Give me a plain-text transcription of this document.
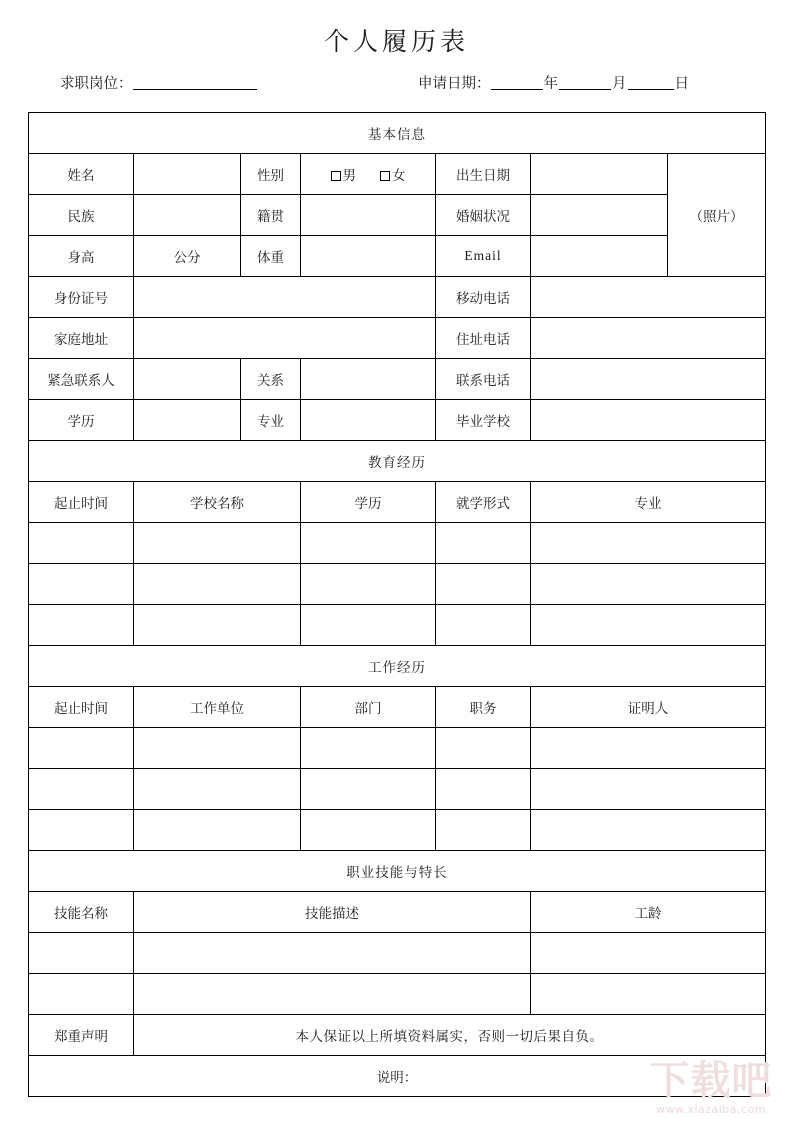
个人履历表
求职岗位：	申请日期：	年	月	日
基本信息						
姓名		性别	男 女	出生日期		（照片）
民族		籍贯		婚姻状况		
身高	公分	体重		Email		
身份证号				移动电话		
家庭地址				住址电话		
紧急联系人		关系		联系电话		
学历		专业		毕业学校		
教育经历						
起止时间	学校名称		学历	就学形式	专业	

工作经历						
起止时间	工作单位		部门	职务	证明人	

职业技能与特长						
技能名称	技能描述				工龄	

郑重声明	本人保证以上所填资料属实，否则一切后果自负。					
说明：							下载吧
www.xiazaiba.com
